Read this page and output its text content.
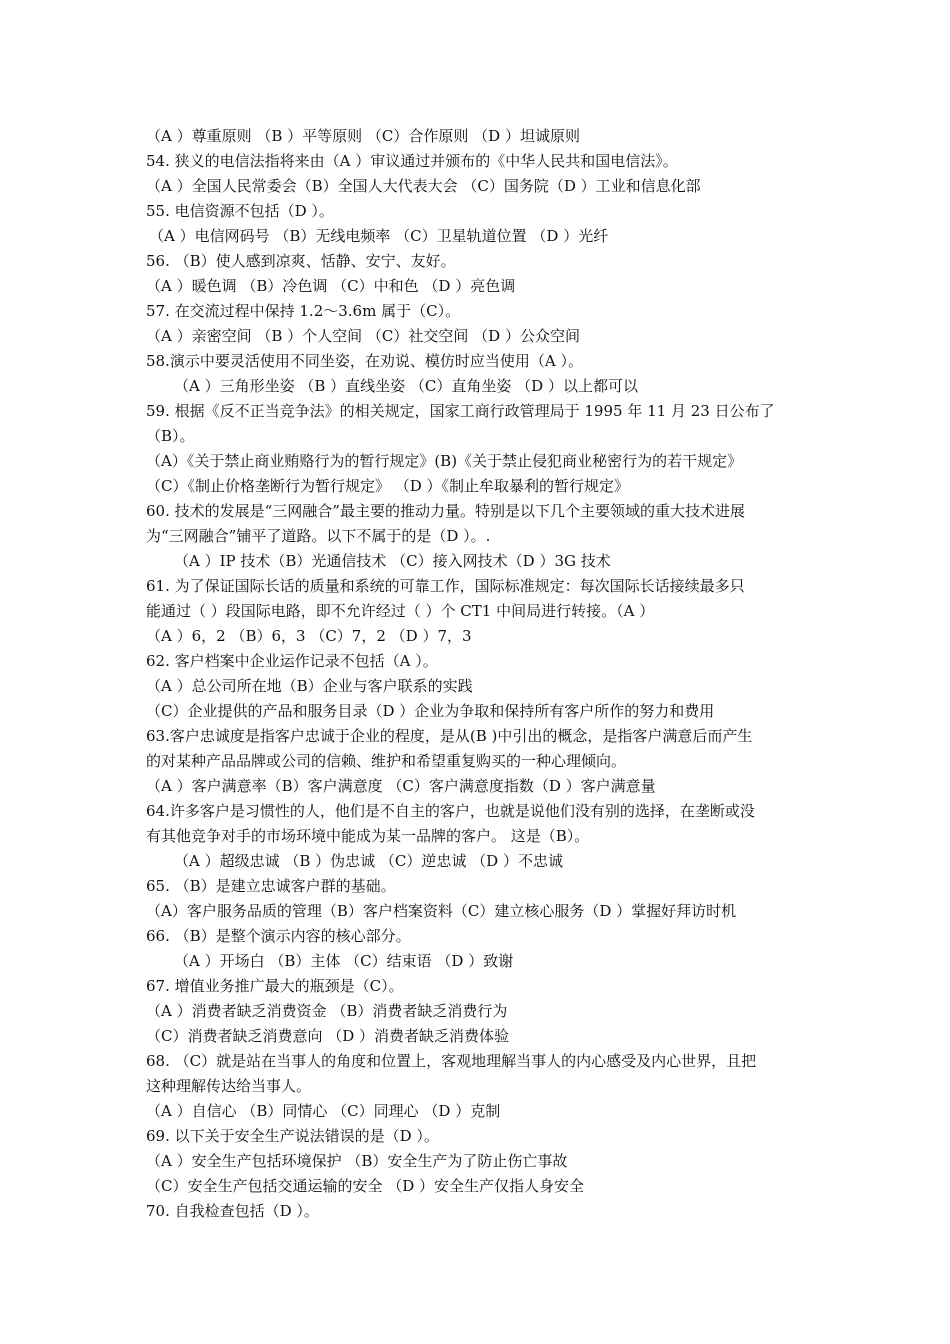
（A ）尊重原则 （B ）平等原则 （C）合作原则 （D ）坦诚原则
54. 狭义的电信法指将来由（A ）审议通过并颁布的《中华人民共和国电信法》。
（A ）全国人民常委会（B）全国人大代表大会 （C）国务院（D ）工业和信息化部
55. 电信资源不包括（D ）。
（A ）电信网码号 （B）无线电频率 （C）卫星轨道位置 （D ）光纤
56. （B）使人感到凉爽、恬静、安宁、友好。
（A ）暖色调 （B）冷色调 （C）中和色 （D ）亮色调
57. 在交流过程中保持 1.2～3.6m 属于（C）。
（A ）亲密空间 （B ）个人空间 （C）社交空间 （D ）公众空间
58.演示中要灵活使用不同坐姿，在劝说、模仿时应当使用（A ）。
（A ）三角形坐姿 （B ）直线坐姿 （C）直角坐姿 （D ）以上都可以
59. 根据《反不正当竞争法》的相关规定，国家工商行政管理局于 1995 年 11 月 23 日公布了
（B）。
（A）《关于禁止商业贿赂行为的暂行规定》(B)《关于禁止侵犯商业秘密行为的若干规定》
（C）《制止价格垄断行为暂行规定》 （D ）《制止牟取暴利的暂行规定》
60. 技术的发展是“三网融合”最主要的推动力量。特别是以下几个主要领域的重大技术进展
为“三网融合”铺平了道路。以下不属于的是（D ）。.
（A ）IP 技术（B）光通信技术 （C）接入网技术（D ）3G 技术
61. 为了保证国际长话的质量和系统的可靠工作，国际标准规定：每次国际长话接续最多只
能通过（ ）段国际电路，即不允许经过（ ）个 CT1 中间局进行转接。（A ）
（A ）6，2 （B）6，3 （C）7，2 （D ）7，3
62. 客户档案中企业运作记录不包括（A ）。
（A ）总公司所在地（B）企业与客户联系的实践
（C）企业提供的产品和服务目录（D ）企业为争取和保持所有客户所作的努力和费用
63.客户忠诚度是指客户忠诚于企业的程度，是从(B )中引出的概念，是指客户满意后而产生
的对某种产品品牌或公司的信赖、维护和希望重复购买的一种心理倾向。
（A ）客户满意率（B）客户满意度 （C）客户满意度指数（D ）客户满意量
64.许多客户是习惯性的人，他们是不自主的客户，也就是说他们没有别的选择，在垄断或没
有其他竞争对手的市场环境中能成为某一品牌的客户。 这是（B）。
（A ）超级忠诚 （B ）伪忠诚 （C）逆忠诚 （D ）不忠诚
65. （B）是建立忠诚客户群的基础。
（A）客户服务品质的管理（B）客户档案资料（C）建立核心服务（D ）掌握好拜访时机
66. （B）是整个演示内容的核心部分。
（A ）开场白 （B）主体 （C）结束语 （D ）致谢
67. 增值业务推广最大的瓶颈是（C）。
（A ）消费者缺乏消费资金 （B）消费者缺乏消费行为
（C）消费者缺乏消费意向 （D ）消费者缺乏消费体验
68. （C）就是站在当事人的角度和位置上，客观地理解当事人的内心感受及内心世界，且把
这种理解传达给当事人。
（A ）自信心 （B）同情心 （C）同理心 （D ）克制
69. 以下关于安全生产说法错误的是（D ）。
（A ）安全生产包括环境保护 （B）安全生产为了防止伤亡事故
（C）安全生产包括交通运输的安全 （D ）安全生产仅指人身安全
70. 自我检查包括（D ）。
